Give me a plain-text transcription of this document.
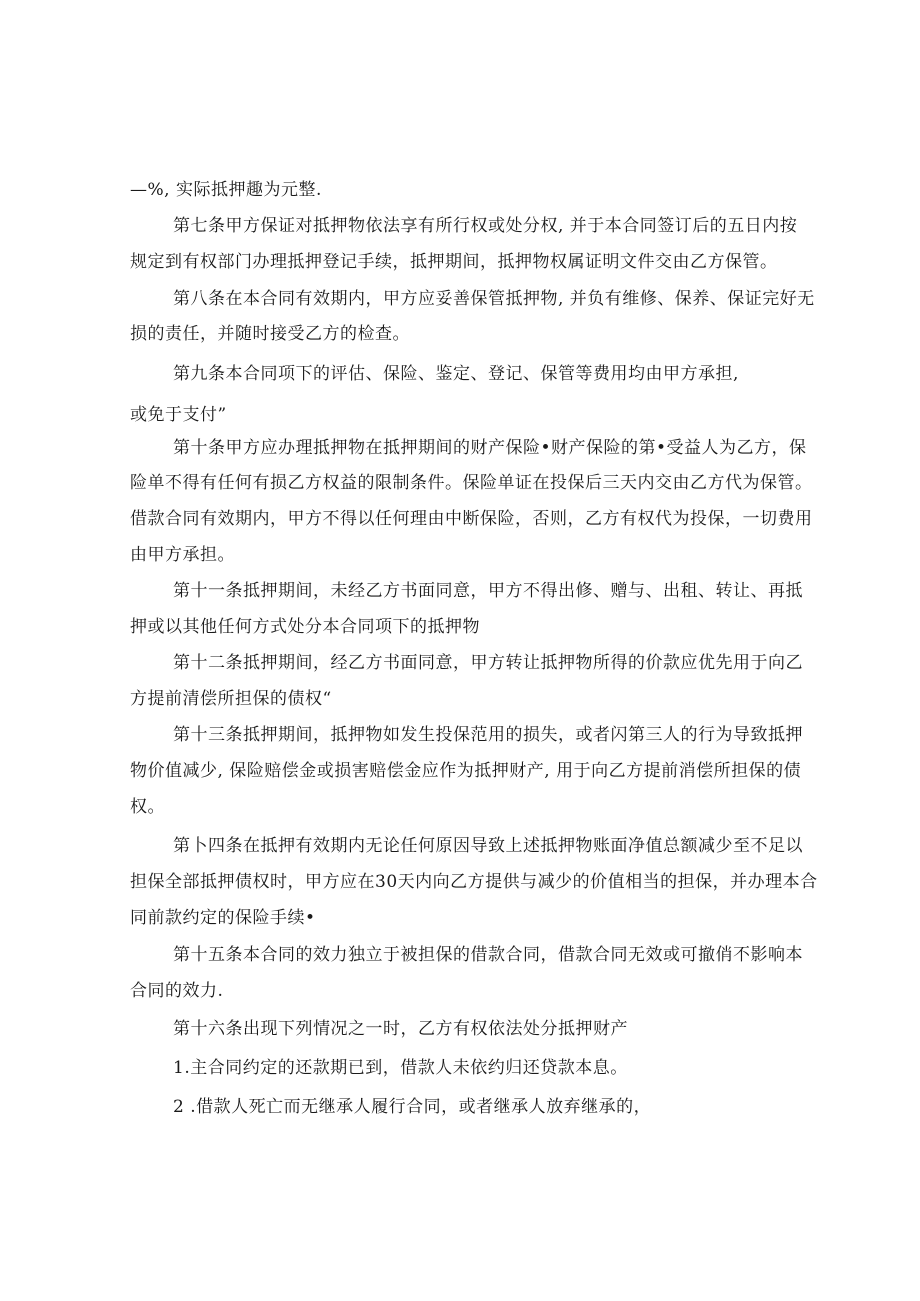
—%, 实际抵押趣为元整.

第七条甲方保证对抵押物依法享有所行权或处分权, 并于本合同签订后的五日内按

规定到有权部门办理抵押登记手续，抵押期间，抵押物权属证明文件交由乙方保管。

第八条在本合同有效期内，甲方应妥善保管抵押物, 并负有维修、保养、保证完好无

损的责任，并随时接受乙方的检查。

第九条本合同项下的评估、保险、鉴定、登记、保管等费用均由甲方承担,

或免于支付”

第十条甲方应办理抵押物在抵押期间的财产保险•财产保险的第•受益人为乙方，保

险单不得有任何有损乙方权益的限制条件。保险单证在投保后三天内交由乙方代为保管。

借款合同有效期内，甲方不得以任何理由中断保险，否则，乙方有权代为投保，一切费用

由甲方承担。

第十一条抵押期间，未经乙方书面同意，甲方不得出修、赠与、出租、转让、再抵

押或以其他任何方式处分本合同项下的抵押物

第十二条抵押期间，经乙方书面同意，甲方转让抵押物所得的价款应优先用于向乙

方提前清偿所担保的债权“

第十三条抵押期间，抵押物如发生投保范用的损失，或者闪第三人的行为导致抵押

物价值减少, 保险赔偿金或损害赔偿金应作为抵押财产, 用于向乙方提前消偿所担保的债

权。

第卜四条在抵押有效期内无论任何原因导致上述抵押物账面净值总额减少至不足以

担保全部抵押债权时，甲方应在30天内向乙方提供与减少的价值相当的担保，并办理本合

同前款约定的保险手续•

第十五条本合同的效力独立于被担保的借款合同，借款合同无效或可撤俏不影响本

合同的效力.

第十六条出现下列情况之一时，乙方有权依法处分抵押财产

1.主合同约定的还款期已到，借款人未依约归还贷款本息。

2 .借款人死亡而无继承人履行合同，或者继承人放弃继承的，
